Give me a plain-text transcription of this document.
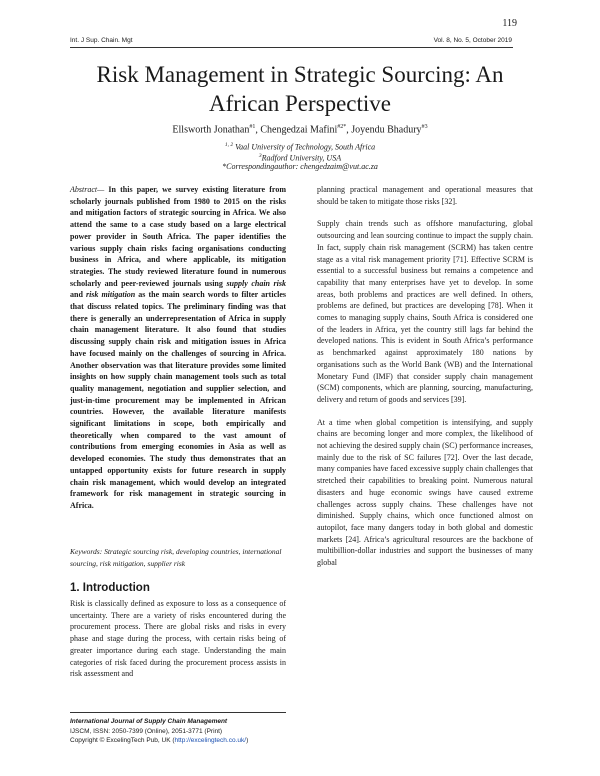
119
Int. J Sup. Chain. Mgt	Vol. 8, No. 5, October 2019
Risk Management in Strategic Sourcing: An African Perspective
Ellsworth Jonathan$^{\#1}$, Chengedzai Mafini$^{\#2*}$, Joyendu Bhadury$^{\#3}$
$^{1, 2}$ Vaal University of Technology, South Africa
$^3$Radford University, USA
*Correspondingauthor: chengedzaim@vut.ac.za
Abstract— In this paper, we survey existing literature from scholarly journals published from 1980 to 2015 on the risks and mitigation factors of strategic sourcing in Africa. We also attend the same to a case study based on a large electrical power provider in South Africa. The paper identifies the various supply chain risks facing organisations conducting business in Africa, and where applicable, its mitigation strategies. The study reviewed literature found in numerous scholarly and peer-reviewed journals using supply chain risk and risk mitigation as the main search words to filter articles that discuss related topics. The preliminary finding was that there is generally an underrepresentation of Africa in supply chain management literature. It also found that studies discussing supply chain risk and mitigation issues in Africa have focused mainly on the challenges of sourcing in Africa. Another observation was that literature provides some limited insights on how supply chain management tools such as total quality management, negotiation and supplier selection, and just-in-time procurement may be implemented in African countries. However, the available literature manifests significant limitations in scope, both empirically and theoretically when compared to the vast amount of contributions from emerging economies in Asia as well as developed economies. The study thus demonstrates that an untapped opportunity exists for future research in supply chain risk management, which would develop an integrated framework for risk management in strategic sourcing in Africa.
Keywords: Strategic sourcing risk, developing countries, international sourcing, risk mitigation, supplier risk
1. Introduction

Risk is classically defined as exposure to loss as a consequence of uncertainty. There are a variety of risks encountered during the procurement process. There are global risks and risks in every phase and stage during the process, with certain risks being of greater importance during each stage. Understanding the main categories of risk faced during the procurement process assists in risk assessment and

planning practical management and operational measures that should be taken to mitigate those risks [32].

Supply chain trends such as offshore manufacturing, global outsourcing and lean sourcing continue to impact the supply chain. In fact, supply chain risk management (SCRM) has taken centre stage as a vital risk management priority [71]. Effective SCRM is essential to a successful business but remains a competence and capability that many enterprises have yet to develop. In some areas, both problems and practices are well defined. In others, problems are defined, but practices are developing [78]. When it comes to managing supply chains, South Africa is considered one of the leaders in Africa, yet the country still lags far behind the developed nations. This is evident in South Africa’s performance as benchmarked against approximately 180 nations by organisations such as the World Bank (WB) and the International Monetary Fund (IMF) that consider supply chain management (SCM) components, which are planning, sourcing, manufacturing, delivery and return of goods and services [39].

At a time when global competition is intensifying, and supply chains are becoming longer and more complex, the likelihood of not achieving the desired supply chain (SC) performance increases, mainly due to the risk of SC failures [72]. Over the last decade, many companies have faced excessive supply chain challenges that stretched their capabilities to breaking point. Numerous natural disasters and huge economic swings have caused extreme challenges across supply chains. These challenges have not diminished. Supply chains, which once functioned almost on autopilot, face many dangers today in both global and domestic markets [24]. Africa’s agricultural resources are the backbone of multibillion-dollar industries and support the businesses of many global

International Journal of Supply Chain Management
IJSCM, ISSN: 2050-7399 (Online), 2051-3771 (Print)
Copyright © ExcelingTech Pub, UK (http://excelingtech.co.uk/)
